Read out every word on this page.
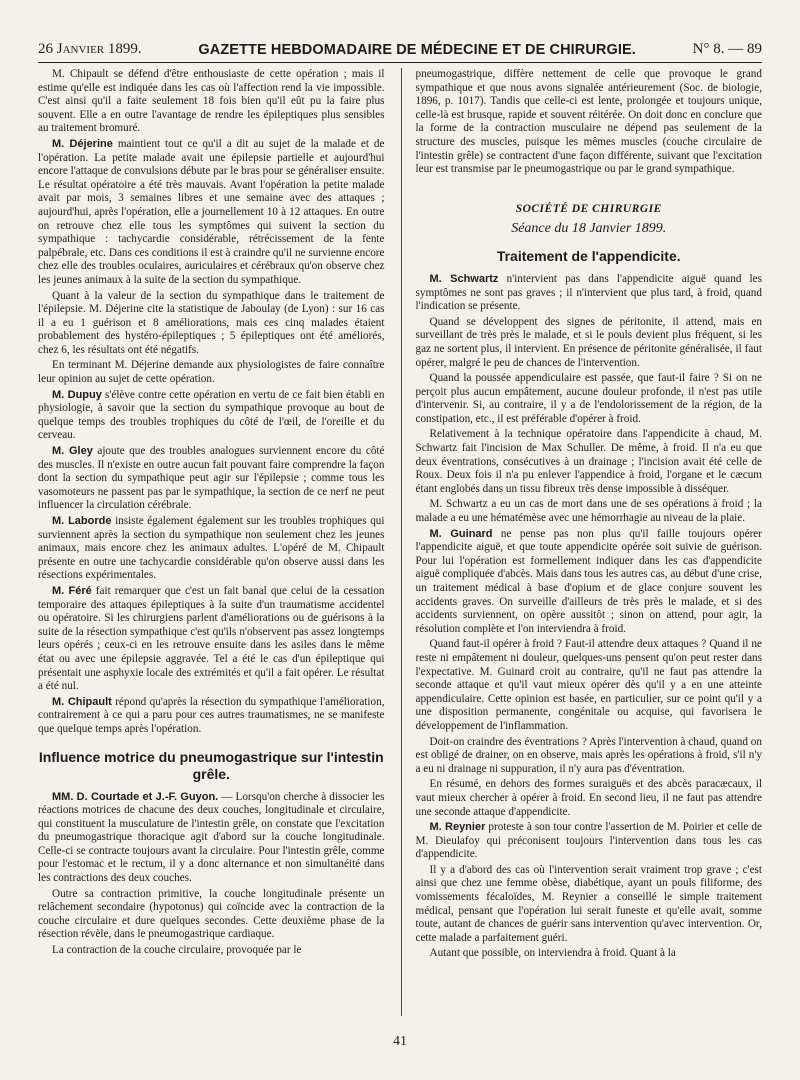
26 Janvier 1899.	GAZETTE HEBDOMADAIRE DE MÉDECINE ET DE CHIRURGIE.	N° 8. — 89

M. Chipault se défend d'être enthousiaste de cette opération ; mais il estime qu'elle est indiquée dans les cas où l'affection rend la vie impossible. C'est ainsi qu'il a faite seulement 18 fois bien qu'il eût pu la faire plus souvent. Elle a en outre l'avantage de rendre les épileptiques plus sensibles au traitement bromuré.

M. Déjerine maintient tout ce qu'il a dit au sujet de la malade et de l'opération. La petite malade avait une épilepsie partielle et aujourd'hui encore l'attaque de convulsions débute par le bras pour se généraliser ensuite. Le résultat opératoire a été très mauvais. Avant l'opération la petite malade avait par mois, 3 semaines libres et une semaine avec des attaques ; aujourd'hui, après l'opération, elle a journellement 10 à 12 attaques. En outre on retrouve chez elle tous les symptômes qui suivent la section du sympathique : tachycardie considérable, rétrécissement de la fente palpébrale, etc. Dans ces conditions il est à craindre qu'il ne survienne encore chez elle des troubles oculaires, auriculaires et cérébraux qu'on observe chez les jeunes animaux à la suite de la section du sympathique.

Quant à la valeur de la section du sympathique dans le traitement de l'épilepsie. M. Déjerine cite la statistique de Jaboulay (de Lyon) : sur 16 cas il a eu 1 guérison et 8 améliorations, mais ces cinq malades étaient probablement des hystéro-épileptiques ; 5 épileptiques ont été améliorés, chez 6, les résultats ont été négatifs.

En terminant M. Déjerine demande aux physiologistes de faire connaître leur opinion au sujet de cette opération.

M. Dupuy s'élève contre cette opération en vertu de ce fait bien établi en physiologie, à savoir que la section du sympathique provoque au bout de quelque temps des troubles trophiques du côté de l'œil, de l'oreille et du cerveau.

M. Gley ajoute que des troubles analogues surviennent encore du côté des muscles. Il n'existe en outre aucun fait pouvant faire comprendre la façon dont la section du sympathique peut agir sur l'épilepsie ; comme tous les vasomoteurs ne passent pas par le sympathique, la section de ce nerf ne peut influencer la circulation cérébrale.

M. Laborde insiste également également sur les troubles trophiques qui surviennent après la section du sympathique non seulement chez les jeunes animaux, mais encore chez les animaux adultes. L'opéré de M. Chipault présente en outre une tachycardie considérable qu'on observe aussi dans les résections expérimentales.

M. Féré fait remarquer que c'est un fait banal que celui de la cessation temporaire des attaques épileptiques à la suite d'un traumatisme accidentel ou opératoire. Si les chirurgiens parlent d'améliorations ou de guérisons à la suite de la résection sympathique c'est qu'ils n'observent pas assez longtemps leurs opérés ; ceux-ci en les retrouve ensuite dans les asiles dans le même état ou avec une épilepsie aggravée. Tel a été le cas d'un épileptique qui présentait une asphyxie locale des extrémités et qu'il a fait opérer. Le résultat a été nul.

M. Chipault répond qu'après la résection du sympathique l'amélioration, contrairement à ce qui a paru pour ces autres traumatismes, ne se manifeste que quelque temps après l'opération.

Influence motrice du pneumogastrique sur l'intestin grêle.

MM. D. Courtade et J.-F. Guyon. — Lorsqu'on cherche à dissocier les réactions motrices de chacune des deux couches, longitudinale et circulaire, qui constituent la musculature de l'intestin grêle, on constate que l'excitation du pneumogastrique thoracique agit d'abord sur la couche longitudinale. Celle-ci se contracte toujours avant la circulaire. Pour l'intestin grêle, comme pour l'estomac et le rectum, il y a donc alternance et non simultanéité dans les contractions des deux couches.

Outre sa contraction primitive, la couche longitudinale présente un relâchement secondaire (hypotonus) qui coïncide avec la contraction de la couche circulaire et dure quelques secondes. Cette deuxième phase de la résection révèle, dans le pneumogastrique cardiaque.

La contraction de la couche circulaire, provoquée par le

pneumogastrique, diffère nettement de celle que provoque le grand sympathique et que nous avons signalée antérieurement (Soc. de biologie, 1896, p. 1017). Tandis que celle-ci est lente, prolongée et toujours unique, celle-là est brusque, rapide et souvent réitérée. On doit donc en conclure que la forme de la contraction musculaire ne dépend pas seulement de la structure des muscles, puisque les mêmes muscles (couche circulaire de l'intestin grêle) se contractent d'une façon différente, suivant que l'excitation leur est transmise par le pneumogastrique ou par le grand sympathique.

SOCIÉTÉ DE CHIRURGIE
Séance du 18 Janvier 1899.
Traitement de l'appendicite.

M. Schwartz n'intervient pas dans l'appendicite aiguë quand les symptômes ne sont pas graves ; il n'intervient que plus tard, à froid, quand l'indication se présente.

Quand se développent des signes de péritonite, il attend, mais en surveillant de très près le malade, et si le pouls devient plus fréquent, si les gaz ne sortent plus, il intervient. En présence de péritonite généralisée, il faut opérer, malgré le peu de chances de l'intervention.

Quand la poussée appendiculaire est passée, que faut-il faire ? Si on ne perçoit plus aucun empâtement, aucune douleur profonde, il n'est pas utile d'intervenir. Si, au contraire, il y a de l'endolorissement de la région, de la constipation, etc., il est préférable d'opérer à froid.

Relativement à la technique opératoire dans l'appendicite à chaud, M. Schwartz fait l'incision de Max Schuller. De même, à froid. Il n'a eu que deux éventrations, consécutives à un drainage ; l'incision avait été celle de Roux. Deux fois il n'a pu enlever l'appendice à froid, l'organe et le cæcum étant englobés dans un tissu fibreux très dense impossible à disséquer.

M. Schwartz a eu un cas de mort dans une de ses opérations à froid ; la malade a eu une hématémèse avec une hémorrhagie au niveau de la plaie.

M. Guinard ne pense pas non plus qu'il faille toujours opérer l'appendicite aiguë, et que toute appendicite opérée soit suivie de guérison. Pour lui l'opération est formellement indiquer dans les cas d'appendicite aiguë compliquée d'abcès. Mais dans tous les autres cas, au début d'une crise, un traitement médical à base d'opium et de glace conjure souvent les accidents graves. On surveille d'ailleurs de très près le malade, et si des accidents surviennent, on opère aussitôt ; sinon on attend, pour agir, la résolution complète et l'on interviendra à froid.

Quand faut-il opérer à froid ? Faut-il attendre deux attaques ? Quand il ne reste ni empâtement ni douleur, quelques-uns pensent qu'on peut rester dans l'expectative. M. Guinard croit au contraire, qu'il ne faut pas attendre la seconde attaque et qu'il vaut mieux opérer dès qu'il y a en une atteinte appendiculaire. Cette opinion est basée, en particulier, sur ce point qu'il y a une disposition permanente, congénitale ou acquise, qui favorisera le développement de l'inflammation.

Doit-on craindre des éventrations ? Après l'intervention à chaud, quand on est obligé de drainer, on en observe, mais après les opérations à froid, s'il n'y a eu ni drainage ni suppuration, il n'y aura pas d'éventration.

En résumé, en dehors des formes suraiguës et des abcès paracæcaux, il vaut mieux chercher à opérer à froid. En second lieu, il ne faut pas attendre une seconde attaque d'appendicite.

M. Reynier proteste à son tour contre l'assertion de M. Poirier et celle de M. Dieulafoy qui préconisent toujours l'intervention dans tous les cas d'appendicite.

Il y a d'abord des cas où l'intervention serait vraiment trop grave ; c'est ainsi que chez une femme obèse, diabétique, ayant un pouls filiforme, des vomissements fécaloïdes, M. Reynier a conseillé le simple traitement médical, pensant que l'opération lui serait funeste et qu'elle avait, somme toute, autant de chances de guérir sans intervention qu'avec intervention. Or, cette malade a parfaitement guéri.

Autant que possible, on interviendra à froid. Quant à la

41
